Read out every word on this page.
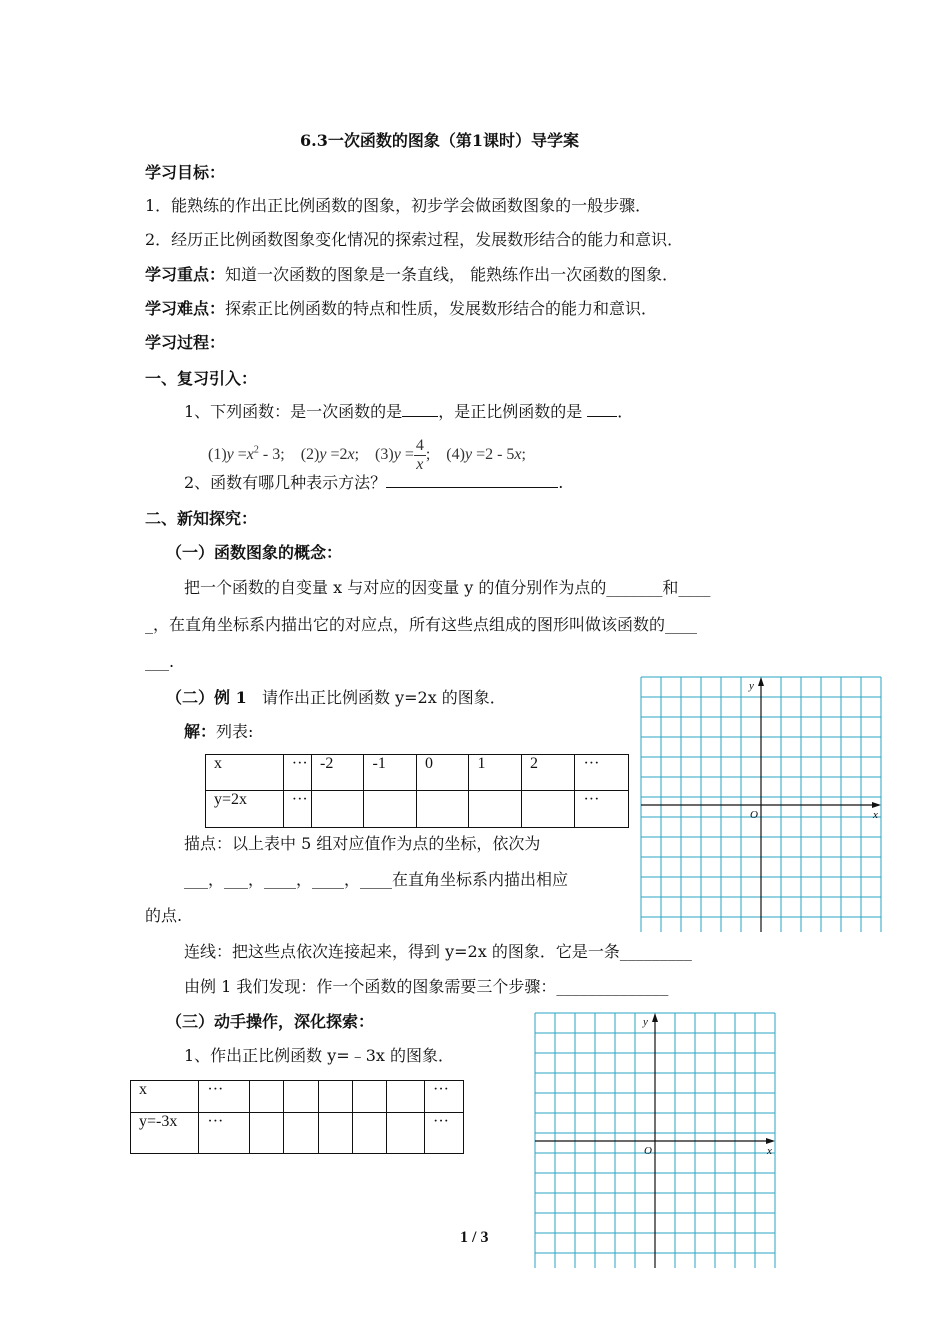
6.3一次函数的图象（第1课时）导学案
学习目标：
1．能熟练的作出正比例函数的图象，初步学会做函数图象的一般步骤．
2．经历正比例函数图象变化情况的探索过程，发展数形结合的能力和意识．
学习重点：知道一次函数的图象是一条直线， 能熟练作出一次函数的图象．
学习难点：探索正比例函数的特点和性质，发展数形结合的能力和意识．
学习过程：
一、复习引入：
1、下列函数：是一次函数的是 ，是正比例函数的是 ．
$(1)y =x^2 - 3$; (2)y =2x; $(3)y = \frac{4}{x}$ ; (4)y =2 - 5x;
2、函数有哪几种表示方法？	.
二、新知探究：
（一）函数图象的概念：
把一个函数的自变量 x 与对应的因变量 y 的值分别作为点的_______和____
_，在直角坐标系内描出它的对应点，所有这些点组成的图形叫做该函数的____
___.
（二）例 1 请作出正比例函数 y=2x 的图象．
解：列表:
x	···	-2	-1	0	1	2	···
y=2x	···						···
描点：以上表中 5 组对应值作为点的坐标，依次为
___，___，____，____，____在直角坐标系内描出相应
的点.
连线：把这些点依次连接起来，得到 y=2x 的图象．它是一条_________
由例 1 我们发现：作一个函数的图象需要三个步骤：______________
（三）动手操作，深化探索：
1、作出正比例函数 y=﹣3x 的图象．
x	···						···
y=-3x	···						···
y
x
O
y
x
O
1 / 3
